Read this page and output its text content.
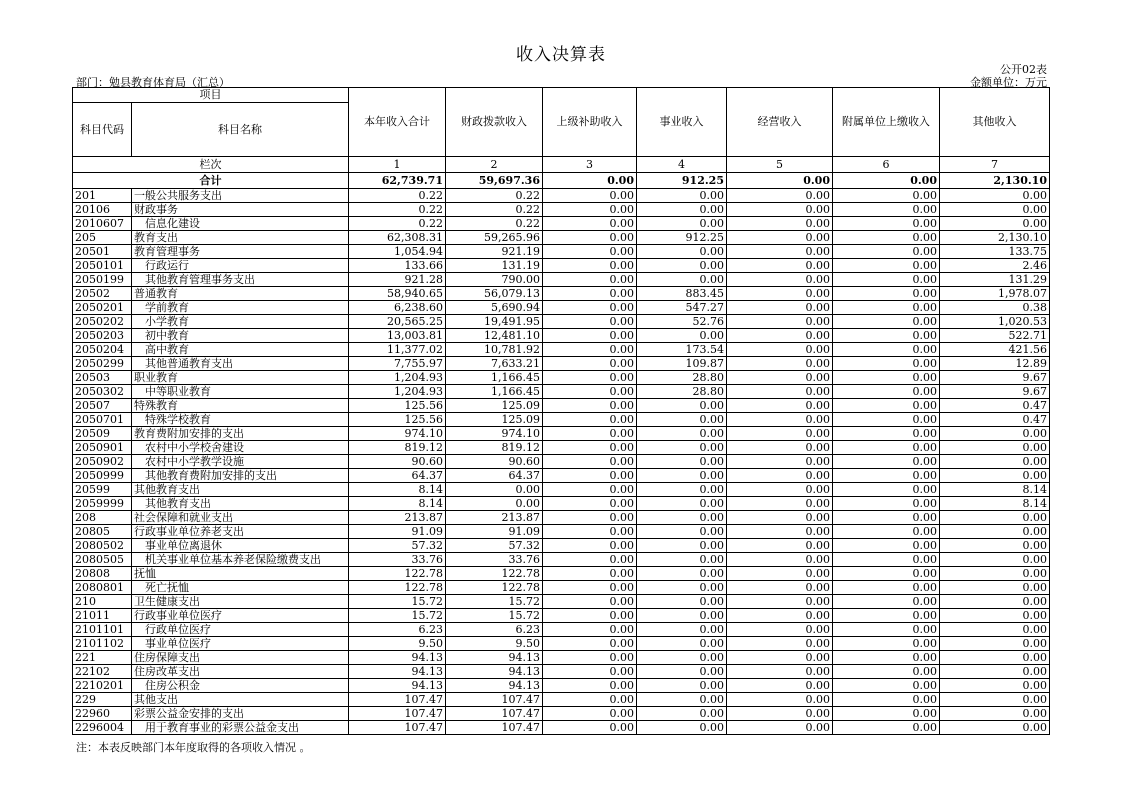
收入决算表
公开02表
部门：勉县教育体育局（汇总）	金额单位：万元
项目		本年收入合计	财政拨款收入	上级补助收入	事业收入	经营收入	附属单位上缴收入	其他收入
科目代码	科目名称							
栏次		1	2	3	4	5	6	7
合计		62,739.71	59,697.36	0.00	912.25	0.00	0.00	2,130.10
201	一般公共服务支出	0.22	0.22	0.00	0.00	0.00	0.00	0.00
20106	财政事务	0.22	0.22	0.00	0.00	0.00	0.00	0.00
2010607	　信息化建设	0.22	0.22	0.00	0.00	0.00	0.00	0.00
205	教育支出	62,308.31	59,265.96	0.00	912.25	0.00	0.00	2,130.10
20501	教育管理事务	1,054.94	921.19	0.00	0.00	0.00	0.00	133.75
2050101	　行政运行	133.66	131.19	0.00	0.00	0.00	0.00	2.46
2050199	　其他教育管理事务支出	921.28	790.00	0.00	0.00	0.00	0.00	131.29
20502	普通教育	58,940.65	56,079.13	0.00	883.45	0.00	0.00	1,978.07
2050201	　学前教育	6,238.60	5,690.94	0.00	547.27	0.00	0.00	0.38
2050202	　小学教育	20,565.25	19,491.95	0.00	52.76	0.00	0.00	1,020.53
2050203	　初中教育	13,003.81	12,481.10	0.00	0.00	0.00	0.00	522.71
2050204	　高中教育	11,377.02	10,781.92	0.00	173.54	0.00	0.00	421.56
2050299	　其他普通教育支出	7,755.97	7,633.21	0.00	109.87	0.00	0.00	12.89
20503	职业教育	1,204.93	1,166.45	0.00	28.80	0.00	0.00	9.67
2050302	　中等职业教育	1,204.93	1,166.45	0.00	28.80	0.00	0.00	9.67
20507	特殊教育	125.56	125.09	0.00	0.00	0.00	0.00	0.47
2050701	　特殊学校教育	125.56	125.09	0.00	0.00	0.00	0.00	0.47
20509	教育费附加安排的支出	974.10	974.10	0.00	0.00	0.00	0.00	0.00
2050901	　农村中小学校舍建设	819.12	819.12	0.00	0.00	0.00	0.00	0.00
2050902	　农村中小学教学设施	90.60	90.60	0.00	0.00	0.00	0.00	0.00
2050999	　其他教育费附加安排的支出	64.37	64.37	0.00	0.00	0.00	0.00	0.00
20599	其他教育支出	8.14	0.00	0.00	0.00	0.00	0.00	8.14
2059999	　其他教育支出	8.14	0.00	0.00	0.00	0.00	0.00	8.14
208	社会保障和就业支出	213.87	213.87	0.00	0.00	0.00	0.00	0.00
20805	行政事业单位养老支出	91.09	91.09	0.00	0.00	0.00	0.00	0.00
2080502	　事业单位离退休	57.32	57.32	0.00	0.00	0.00	0.00	0.00
2080505	　机关事业单位基本养老保险缴费支出	33.76	33.76	0.00	0.00	0.00	0.00	0.00
20808	抚恤	122.78	122.78	0.00	0.00	0.00	0.00	0.00
2080801	　死亡抚恤	122.78	122.78	0.00	0.00	0.00	0.00	0.00
210	卫生健康支出	15.72	15.72	0.00	0.00	0.00	0.00	0.00
21011	行政事业单位医疗	15.72	15.72	0.00	0.00	0.00	0.00	0.00
2101101	　行政单位医疗	6.23	6.23	0.00	0.00	0.00	0.00	0.00
2101102	　事业单位医疗	9.50	9.50	0.00	0.00	0.00	0.00	0.00
221	住房保障支出	94.13	94.13	0.00	0.00	0.00	0.00	0.00
22102	住房改革支出	94.13	94.13	0.00	0.00	0.00	0.00	0.00
2210201	　住房公积金	94.13	94.13	0.00	0.00	0.00	0.00	0.00
229	其他支出	107.47	107.47	0.00	0.00	0.00	0.00	0.00
22960	彩票公益金安排的支出	107.47	107.47	0.00	0.00	0.00	0.00	0.00
2296004	　用于教育事业的彩票公益金支出	107.47	107.47	0.00	0.00	0.00	0.00	0.00
注：本表反映部门本年度取得的各项收入情况 。
